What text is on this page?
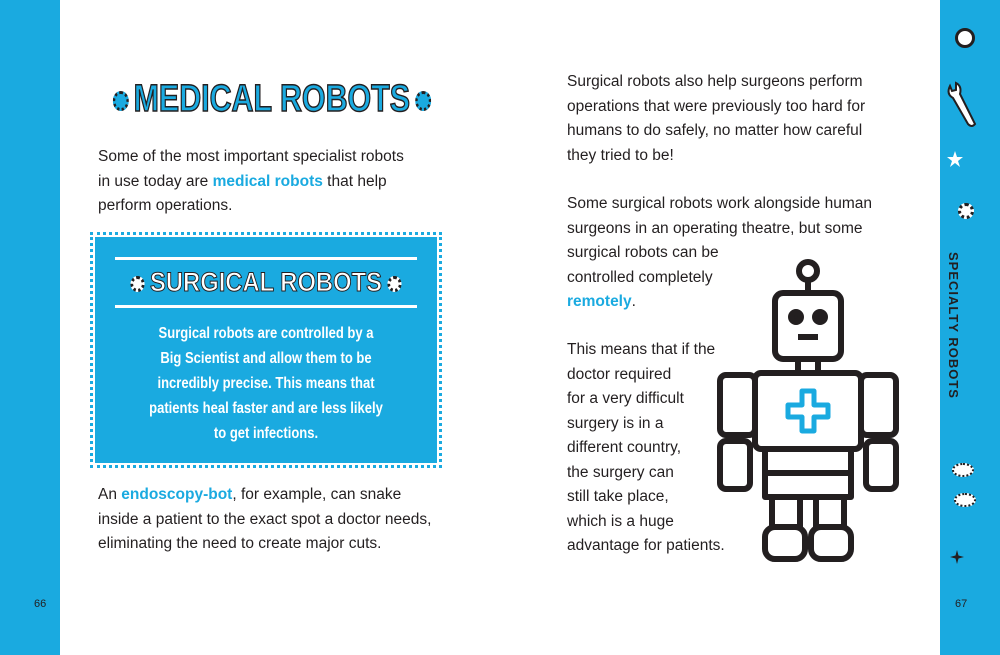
MEDICAL ROBOTS
Some of the most important specialist robots
in use today are medical robots that help
perform operations.
SURGICAL ROBOTS
Surgical robots are controlled by a
Big Scientist and allow them to be
incredibly precise. This means that
patients heal faster and are less likely
to get infections.
An endoscopy-bot, for example, can snake
inside a patient to the exact spot a doctor needs,
eliminating the need to create major cuts.
66
Surgical robots also help surgeons perform
operations that were previously too hard for
humans to do safely, no matter how careful
they tried to be!
Some surgical robots work alongside human
surgeons in an operating theatre, but some
surgical robots can be
controlled completely
remotely.
This means that if the
doctor required
for a very difficult
surgery is in a
different country,
the surgery can
still take place,
which is a huge
advantage for patients.
SPECIALTY ROBOTS
67
